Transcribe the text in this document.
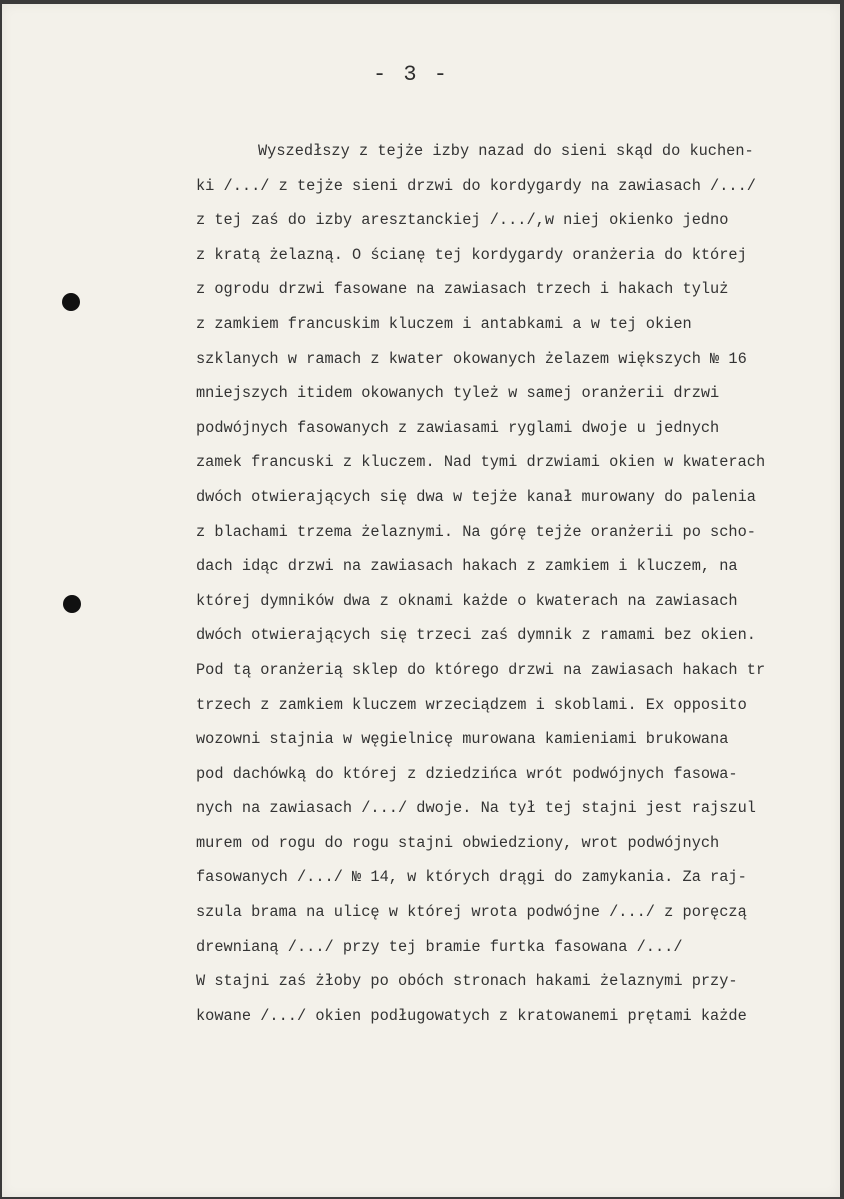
- 3 -
Wyszedłszy z tejże izby nazad do sieni skąd do kuchen-
ki /.../ z tejże sieni drzwi do kordygardy na zawiasach /.../
z tej zaś do izby aresztanckiej /.../,w niej okienko jedno
z kratą żelazną. O ścianę tej kordygardy oranżeria do której
z ogrodu drzwi fasowane na zawiasach trzech i hakach tyluż
z zamkiem francuskim kluczem i antabkami a w tej okien
szklanych w ramach z kwater okowanych żelazem większych № 16
mniejszych itidem okowanych tyleż w samej oranżerii drzwi
podwójnych fasowanych z zawiasami ryglami dwoje u jednych
zamek francuski z kluczem. Nad tymi drzwiami okien w kwaterach
dwóch otwierających się dwa w tejże kanał murowany do palenia
z blachami trzema żelaznymi. Na górę tejże oranżerii po scho-
dach idąc drzwi na zawiasach hakach z zamkiem i kluczem, na
której dymników dwa z oknami każde o kwaterach na zawiasach
dwóch otwierających się trzeci zaś dymnik z ramami bez okien.
Pod tą oranżerią sklep do którego drzwi na zawiasach hakach tr
trzech z zamkiem kluczem wrzeciądzem i skoblami. Ex opposito
wozowni stajnia w węgielnicę murowana kamieniami brukowana
pod dachówką do której z dziedzińca wrót podwójnych fasowa-
nych na zawiasach /.../ dwoje. Na tył tej stajni jest rajszul
murem od rogu do rogu stajni obwiedziony, wrot podwójnych
fasowanych /.../ № 14, w których drągi do zamykania. Za raj-
szula brama na ulicę w której wrota podwójne /.../ z poręczą
drewnianą /.../ przy tej bramie furtka fasowana /.../
W stajni zaś żłoby po obóch stronach hakami żelaznymi przy-
kowane /.../ okien podługowatych z kratowanemi prętami każde
